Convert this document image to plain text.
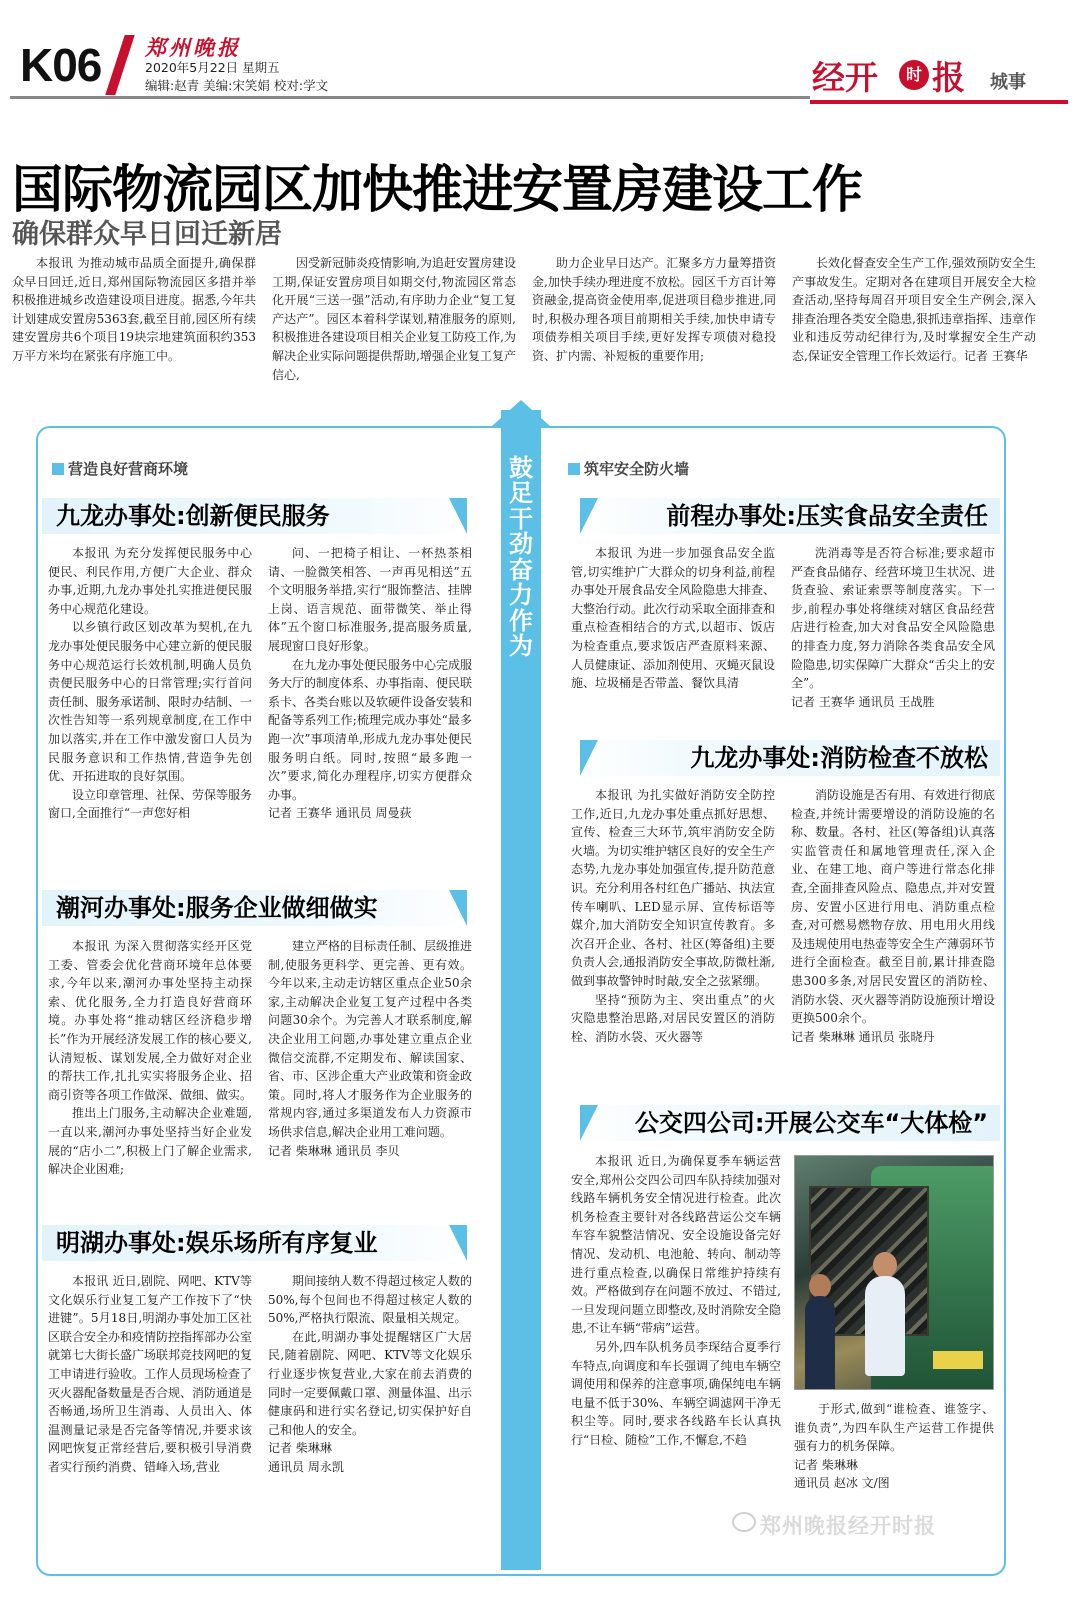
K06 郑州晚报
2020年5月22日 星期五
编辑:赵青 美编:宋笑娟 校对:学文	经开	时 报 城事
国际物流园区加快推进安置房建设工作
确保群众早日回迁新居

本报讯 为推动城市品质全面提升,确保群众早日回迁,近日,郑州国际物流园区多措并举积极推进城乡改造建设项目进度。据悉,今年共计划建成安置房5363套,截至目前,园区所有续建安置房共6个项目19块宗地建筑面积约353万平方米均在紧张有序施工中。

因受新冠肺炎疫情影响,为追赶安置房建设工期,保证安置房项目如期交付,物流园区常态化开展“三送一强”活动,有序助力企业“复工复产达产”。园区本着科学谋划,精准服务的原则,积极推进各建设项目相关企业复工防疫工作,为解决企业实际问题提供帮助,增强企业复工复产信心,

助力企业早日达产。汇聚多方力量筹措资金,加快手续办理进度不放松。园区千方百计筹资融金,提高资金使用率,促进项目稳步推进,同时,积极办理各项目前期相关手续,加快申请专项债券相关项目手续,更好发挥专项债对稳投资、扩内需、补短板的重要作用;

长效化督查安全生产工作,强效预防安全生产事故发生。定期对各在建项目开展安全大检查活动,坚持每周召开项目安全生产例会,深入排查治理各类安全隐患,狠抓违章指挥、违章作业和违反劳动纪律行为,及时掌握安全生产动态,保证安全管理工作长效运行。记者 王赛华

鼓足干劲 奋力作为
营造良好营商环境
九龙办事处:创新便民服务

本报讯 为充分发挥便民服务中心便民、利民作用,方便广大企业、群众办事,近期,九龙办事处扎实推进便民服务中心规范化建设。

以乡镇行政区划改革为契机,在九龙办事处便民服务中心建立新的便民服务中心规范运行长效机制,明确人员负责便民服务中心的日常管理;实行首问责任制、服务承诺制、限时办结制、一次性告知等一系列规章制度,在工作中加以落实,并在工作中激发窗口人员为民服务意识和工作热情,营造争先创优、开拓进取的良好氛围。

设立印章管理、社保、劳保等服务窗口,全面推行“一声您好相

问、一把椅子相让、一杯热茶相请、一脸微笑相答、一声再见相送”五个文明服务举措,实行“服饰整洁、挂牌上岗、语言规范、面带微笑、举止得体”五个窗口标准服务,提高服务质量,展现窗口良好形象。

在九龙办事处便民服务中心完成服务大厅的制度体系、办事指南、便民联系卡、各类台账以及软硬件设备安装和配备等系列工作;梳理完成办事处“最多跑一次”事项清单,形成九龙办事处便民服务明白纸。同时,按照“最多跑一次”要求,简化办理程序,切实方便群众办事。

记者 王赛华 通讯员 周曼荻

潮河办事处:服务企业做细做实

本报讯 为深入贯彻落实经开区党工委、管委会优化营商环境年总体要求,今年以来,潮河办事处坚持主动探索、优化服务,全力打造良好营商环境。办事处将“推动辖区经济稳步增长”作为开展经济发展工作的核心要义,认清短板、谋划发展,全力做好对企业的帮扶工作,扎扎实实将服务企业、招商引资等各项工作做深、做细、做实。

推出上门服务,主动解决企业难题,一直以来,潮河办事处坚持当好企业发展的“店小二”,积极上门了解企业需求,解决企业困难;

建立严格的目标责任制、层级推进制,使服务更科学、更完善、更有效。今年以来,主动走访辖区重点企业50余家,主动解决企业复工复产过程中各类问题30余个。为完善人才联系制度,解决企业用工问题,办事处建立重点企业微信交流群,不定期发布、解读国家、省、市、区涉企重大产业政策和资金政策。同时,将人才服务作为企业服务的常规内容,通过多渠道发布人力资源市场供求信息,解决企业用工难问题。

记者 柴琳琳 通讯员 李贝

明湖办事处:娱乐场所有序复业

本报讯 近日,剧院、网吧、KTV等文化娱乐行业复工复产工作按下了“快进键”。5月18日,明湖办事处加工区社区联合安全办和疫情防控指挥部办公室就第七大街长盛广场联邦竞技网吧的复工申请进行验收。工作人员现场检查了灭火器配备数量是否合规、消防通道是否畅通,场所卫生消毒、人员出入、体温测量记录是否完备等情况,并要求该网吧恢复正常经营后,要积极引导消费者实行预约消费、错峰入场,营业

期间接纳人数不得超过核定人数的50%,每个包间也不得超过核定人数的50%,严格执行限流、限量相关规定。

在此,明湖办事处提醒辖区广大居民,随着剧院、网吧、KTV等文化娱乐行业逐步恢复营业,大家在前去消费的同时一定要佩戴口罩、测量体温、出示健康码和进行实名登记,切实保护好自己和他人的安全。

记者 柴琳琳

通讯员 周永凯

筑牢安全防火墙
前程办事处:压实食品安全责任

本报讯 为进一步加强食品安全监管,切实维护广大群众的切身利益,前程办事处开展食品安全风险隐患大排查、大整治行动。此次行动采取全面排查和重点检查相结合的方式,以超市、饭店为检查重点,要求饭店严查原料来源、人员健康证、添加剂使用、灭蝇灭鼠设施、垃圾桶是否带盖、餐饮具清

洗消毒等是否符合标准;要求超市严查食品储存、经营环境卫生状况、进货查验、索证索票等制度落实。下一步,前程办事处将继续对辖区食品经营店进行检查,加大对食品安全风险隐患的排查力度,努力消除各类食品安全风险隐患,切实保障广大群众“舌尖上的安全”。

记者 王赛华 通讯员 王战胜

九龙办事处:消防检查不放松

本报讯 为扎实做好消防安全防控工作,近日,九龙办事处重点抓好思想、宣传、检查三大环节,筑牢消防安全防火墙。为切实维护辖区良好的安全生产态势,九龙办事处加强宣传,提升防范意识。充分利用各村红色广播站、执法宣传车喇叭、LED显示屏、宣传标语等媒介,加大消防安全知识宣传教育。多次召开企业、各村、社区(筹备组)主要负责人会,通报消防安全事故,防微杜渐,做到事故警钟时时敲,安全之弦紧绷。

坚持“预防为主、突出重点”的火灾隐患整治思路,对居民安置区的消防栓、消防水袋、灭火器等

消防设施是否有用、有效进行彻底检查,并统计需要增设的消防设施的名称、数量。各村、社区(筹备组)认真落实监管责任和属地管理责任,深入企业、在建工地、商户等进行常态化排查,全面排查风险点、隐患点,并对安置房、安置小区进行用电、消防重点检查,对可燃易燃物存放、用电用火用线及违规使用电热壶等安全生产薄弱环节进行全面检查。截至目前,累计排查隐患300多条,对居民安置区的消防栓、消防水袋、灭火器等消防设施预计增设更换500余个。

记者 柴琳琳 通讯员 张晓丹

公交四公司:开展公交车“大体检”

本报讯 近日,为确保夏季车辆运营安全,郑州公交四公司四车队持续加强对线路车辆机务安全情况进行检查。此次机务检查主要针对各线路营运公交车辆车容车貌整洁情况、安全设施设备完好情况、发动机、电池舱、转向、制动等进行重点检查,以确保日常维护持续有效。严格做到存在问题不放过、不错过,一旦发现问题立即整改,及时消除安全隐患,不让车辆“带病”运营。

另外,四车队机务员李琛结合夏季行车特点,向调度和车长强调了纯电车辆空调使用和保养的注意事项,确保纯电车辆电量不低于30%、车辆空调滤网干净无积尘等。同时,要求各线路车长认真执行“日检、随检”工作,不懈怠,不趋

于形式,做到“谁检查、谁签字、谁负责”,为四车队生产运营工作提供强有力的机务保障。

记者 柴琳琳

通讯员 赵冰 文/图

郑州晚报经开时报
